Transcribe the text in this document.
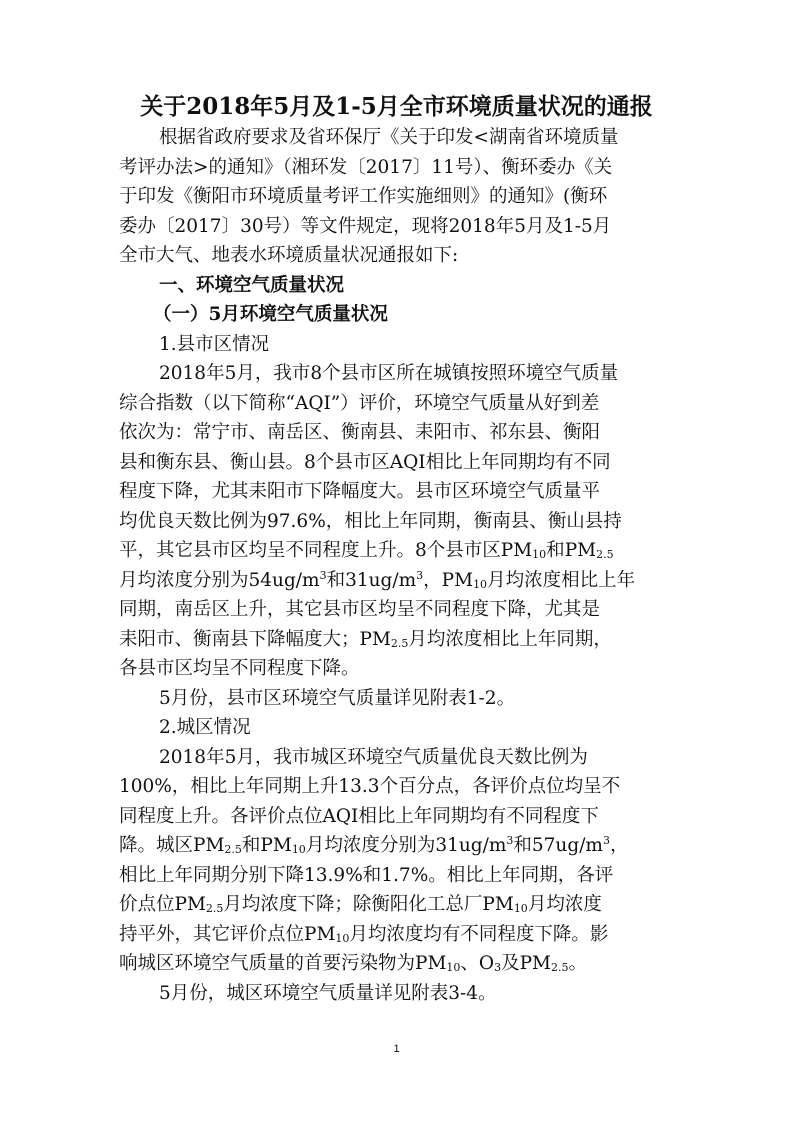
关于2018年5月及1-5月全市环境质量状况的通报
根据省政府要求及省环保厅《关于印发<湖南省环境质量
考评办法>的通知》（湘环发〔2017〕11号）、衡环委办《关
于印发《衡阳市环境质量考评工作实施细则》的通知》(衡环
委办〔2017〕30号）等文件规定，现将2018年5月及1-5月
全市大气、地表水环境质量状况通报如下:
一、环境空气质量状况
（一）5月环境空气质量状况
1.县市区情况
2018年5月，我市8个县市区所在城镇按照环境空气质量
综合指数（以下简称“AQI”）评价，环境空气质量从好到差
依次为：常宁市、南岳区、衡南县、耒阳市、祁东县、衡阳
县和衡东县、衡山县。8个县市区AQI相比上年同期均有不同
程度下降，尤其耒阳市下降幅度大。县市区环境空气质量平
均优良天数比例为97.6%，相比上年同期，衡南县、衡山县持
平，其它县市区均呈不同程度上升。8个县市区$PM_{10}$和$PM_{2.5}$
月均浓度分别为$54ug/m^3$和$31ug/m^3$，$PM_{10}$月均浓度相比上年
同期，南岳区上升，其它县市区均呈不同程度下降，尤其是
耒阳市、衡南县下降幅度大；$PM_{2.5}$月均浓度相比上年同期，
各县市区均呈不同程度下降。
5月份，县市区环境空气质量详见附表1-2。
2.城区情况
2018年5月，我市城区环境空气质量优良天数比例为
100%，相比上年同期上升13.3个百分点，各评价点位均呈不
同程度上升。各评价点位AQI相比上年同期均有不同程度下
降。城区$PM_{2.5}$和$PM_{10}$月均浓度分别为$31ug/m^3$和$57ug/m^3$，
相比上年同期分别下降13.9%和1.7%。相比上年同期，各评
价点位$PM_{2.5}$月均浓度下降；除衡阳化工总厂$PM_{10}$月均浓度
持平外，其它评价点位$PM_{10}$月均浓度均有不同程度下降。影
响城区环境空气质量的首要污染物为$PM_{10}$、$O_3$及$PM_{2.5}$。
5月份，城区环境空气质量详见附表3-4。
1
